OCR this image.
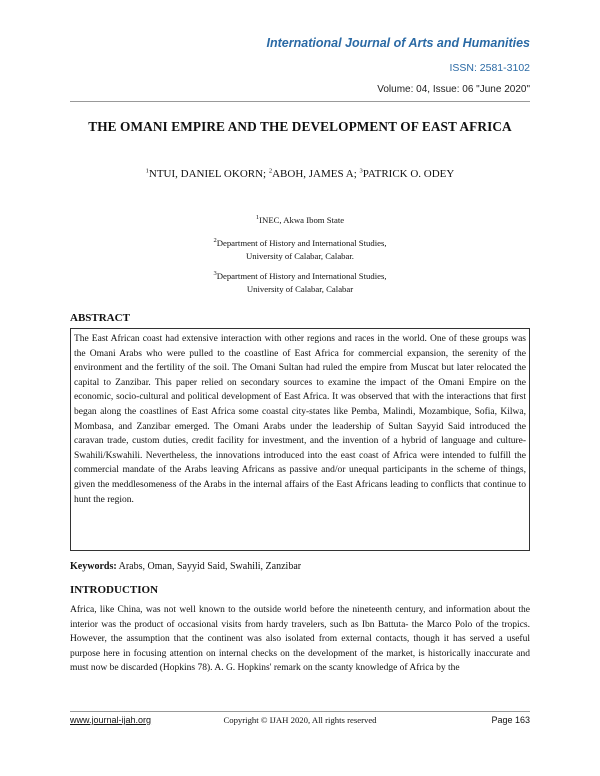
International Journal of Arts and Humanities
ISSN: 2581-3102
Volume: 04, Issue: 06 "June 2020"
THE OMANI EMPIRE AND THE DEVELOPMENT OF EAST AFRICA
$^1$NTUI, DANIEL OKORN; $^2$ABOH, JAMES A; $^3$PATRICK O. ODEY
$^1$INEC, Akwa Ibom State
$^2$Department of History and International Studies,
University of Calabar, Calabar.
$^3$Department of History and International Studies,
University of Calabar, Calabar
ABSTRACT

The East African coast had extensive interaction with other regions and races in the world. One of these groups was the Omani Arabs who were pulled to the coastline of East Africa for commercial expansion, the serenity of the environment and the fertility of the soil. The Omani Sultan had ruled the empire from Muscat but later relocated the capital to Zanzibar. This paper relied on secondary sources to examine the impact of the Omani Empire on the economic, socio-cultural and political development of East Africa. It was observed that with the interactions that first began along the coastlines of East Africa some coastal city-states like Pemba, Malindi, Mozambique, Sofia, Kilwa, Mombasa, and Zanzibar emerged. The Omani Arabs under the leadership of Sultan Sayyid Said introduced the caravan trade, custom duties, credit facility for investment, and the invention of a hybrid of language and culture- Swahili/Kswahili. Nevertheless, the innovations introduced into the east coast of Africa were intended to fulfill the commercial mandate of the Arabs leaving Africans as passive and/or unequal participants in the scheme of things, given the meddlesomeness of the Arabs in the internal affairs of the East Africans leading to conflicts that continue to hunt the region.

Keywords: Arabs, Oman, Sayyid Said, Swahili, Zanzibar
INTRODUCTION

Africa, like China, was not well known to the outside world before the nineteenth century, and information about the interior was the product of occasional visits from hardy travelers, such as Ibn Battuta- the Marco Polo of the tropics. However, the assumption that the continent was also isolated from external contacts, though it has served a useful purpose here in focusing attention on internal checks on the development of the market, is historically inaccurate and must now be discarded (Hopkins 78). A. G. Hopkins' remark on the scanty knowledge of Africa by the

www.journal-ijah.org	Copyright © IJAH 2020, All rights reserved	Page 163
